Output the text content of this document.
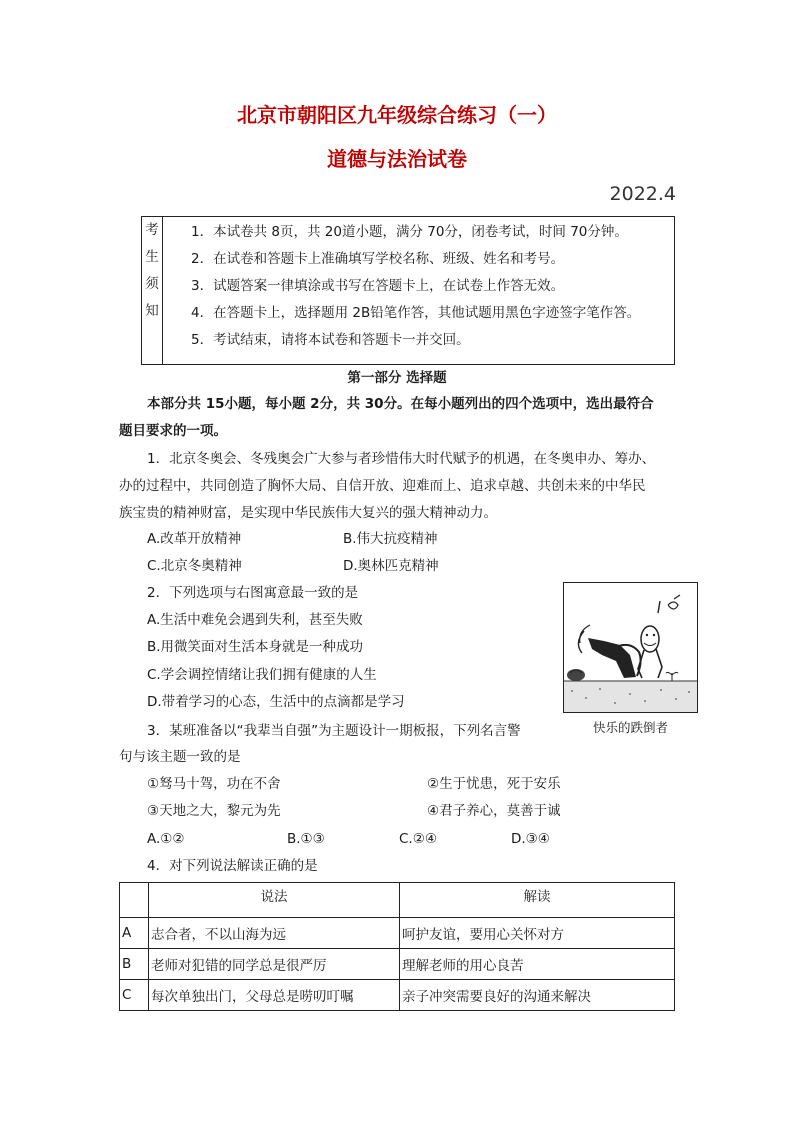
北京市朝阳区九年级综合练习（一）
道德与法治试卷
2022.4
考
生
须
知

1．本试卷共 8页，共 20道小题，满分 70分，闭卷考试，时间 70分钟。
2．在试卷和答题卡上准确填写学校名称、班级、姓名和考号。
3．试题答案一律填涂或书写在答题卡上，在试卷上作答无效。
4．在答题卡上，选择题用 2B铅笔作答，其他试题用黑色字迹签字笔作答。
5．考试结束，请将本试卷和答题卡一并交回。
第一部分 选择题
本部分共 15小题，每小题 2分，共 30分。在每小题列出的四个选项中，选出最符合
题目要求的一项。
1．北京冬奥会、冬残奥会广大参与者珍惜伟大时代赋予的机遇，在冬奥申办、筹办、
办的过程中，共同创造了胸怀大局、自信开放、迎难而上、追求卓越、共创未来的中华民
族宝贵的精神财富，是实现中华民族伟大复兴的强大精神动力。
A.改革开放精神	B.伟大抗疫精神
C.北京冬奥精神	D.奥林匹克精神
2．下列选项与右图寓意最一致的是
A.生活中难免会遇到失利，甚至失败
B.用微笑面对生活本身就是一种成功
C.学会调控情绪让我们拥有健康的人生
D.带着学习的心态，生活中的点滴都是学习
快乐的跌倒者
3．某班准备以“我辈当自强”为主题设计一期板报，下列名言警
句与该主题一致的是
①驽马十驾，功在不舍	②生于忧患，死于安乐
③天地之大，黎元为先	④君子养心，莫善于诚
A.①②	B.①③	C.②④	D.③④
4．对下列说法解读正确的是
	说法	解读
A	志合者，不以山海为远	呵护友谊，要用心关怀对方
B	老师对犯错的同学总是很严厉	理解老师的用心良苦
C	每次单独出门，父母总是唠叨叮嘱	亲子冲突需要良好的沟通来解决
